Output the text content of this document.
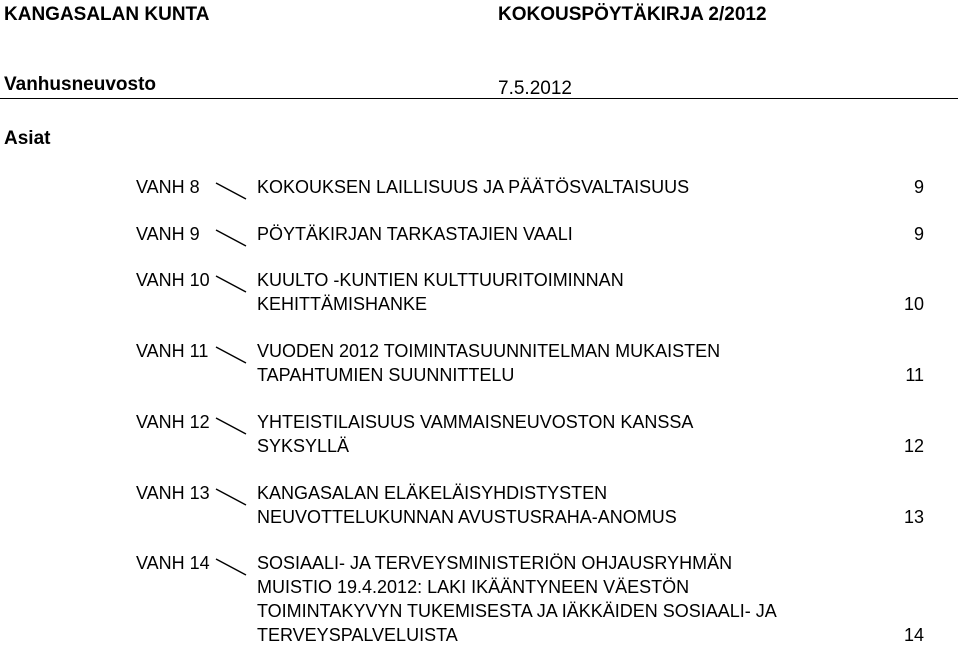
KANGASALAN KUNTA	KOKOUSPÖYTÄKIRJA 2/2012
Vanhusneuvosto	7.5.2012
Asiat
VANH 8	KOKOUKSEN LAILLISUUS JA PÄÄTÖSVALTAISUUS	9
VANH 9	PÖYTÄKIRJAN TARKASTAJIEN VAALI	9
VANH 10	KUULTO -KUNTIEN KULTTUURITOIMINNAN
KEHITTÄMISHANKE	10
VANH 11	VUODEN 2012 TOIMINTASUUNNITELMAN MUKAISTEN
TAPAHTUMIEN SUUNNITTELU	11
VANH 12	YHTEISTILAISUUS VAMMAISNEUVOSTON KANSSA
SYKSYLLÄ	12
VANH 13	KANGASALAN ELÄKELÄISYHDISTYSTEN
NEUVOTTELUKUNNAN AVUSTUSRAHA-ANOMUS	13
VANH 14	SOSIAALI- JA TERVEYSMINISTERIÖN OHJAUSRYHMÄN
MUISTIO 19.4.2012: LAKI IKÄÄNTYNEEN VÄESTÖN
TOIMINTAKYVYN TUKEMISESTA JA IÄKKÄIDEN SOSIAALI- JA
TERVEYSPALVELUISTA	14
